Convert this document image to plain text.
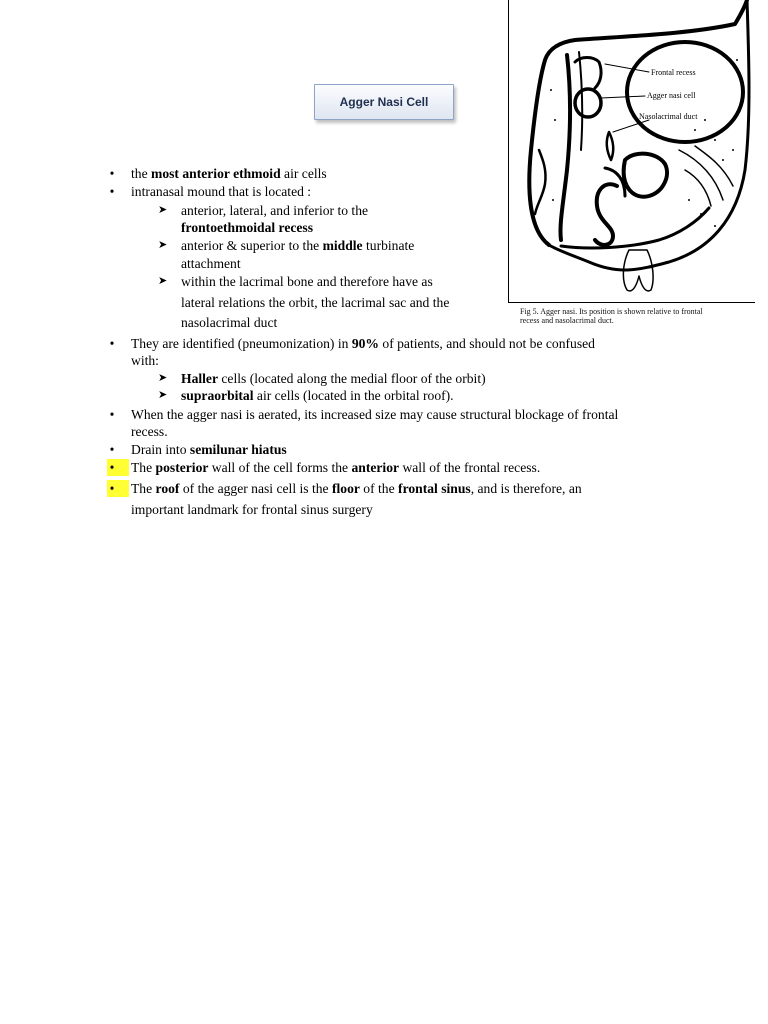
Agger Nasi Cell
Frontal recess
Agger nasi cell
Nasolacrimal duct
Fig 5. Agger nasi. Its position is shown relative to frontal
recess and nasolacrimal duct.
• the most anterior ethmoid air cells
• intranasal mound that is located :
➤ anterior, lateral, and inferior to the
frontoethmoidal recess
➤ anterior & superior to the middle turbinate
attachment
➤ within the lacrimal bone and therefore have as
lateral relations the orbit, the lacrimal sac and the
nasolacrimal duct
• They are identified (pneumonization) in 90% of patients, and should not be confused
with:
➤ Haller cells (located along the medial floor of the orbit)
➤ supraorbital air cells (located in the orbital roof).
• When the agger nasi is aerated, its increased size may cause structural blockage of frontal
recess.
• Drain into semilunar hiatus
• The posterior wall of the cell forms the anterior wall of the frontal recess.
• The roof of the agger nasi cell is the floor of the frontal sinus, and is therefore, an
important landmark for frontal sinus surgery
